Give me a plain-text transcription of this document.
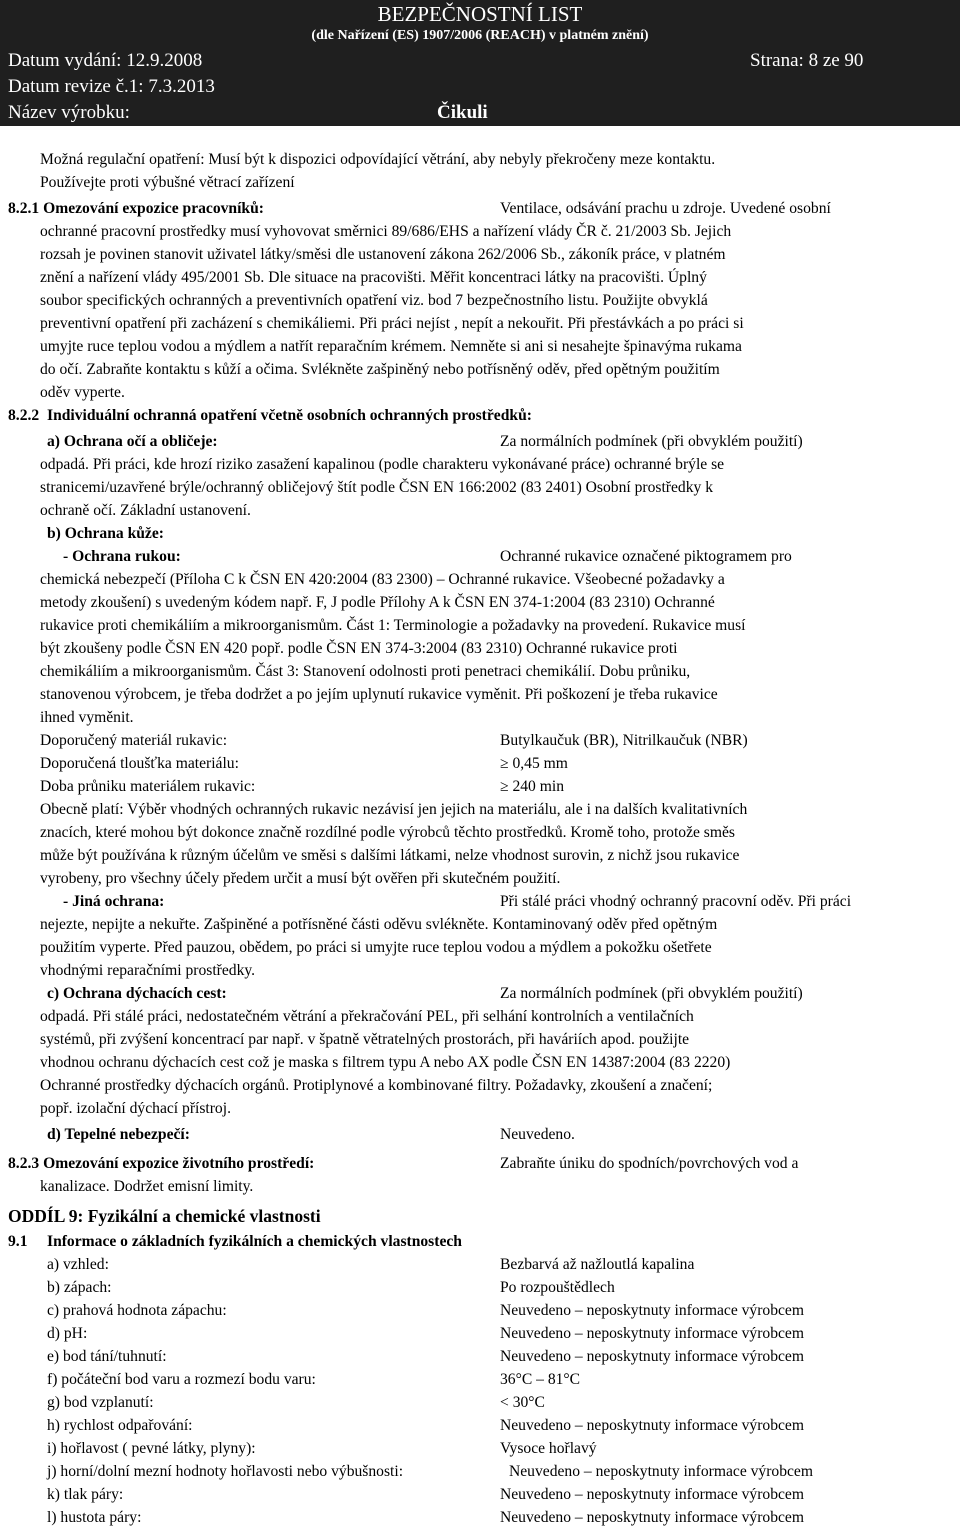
BEZPEČNOSTNÍ LIST
(dle Nařízení (ES) 1907/2006 (REACH) v platném znění)
Datum vydání: 12.9.2008	Strana: 8 ze 90
Datum revize č.1: 7.3.2013
Název výrobku:	Čikuli
Možná regulační opatření: Musí být k dispozici odpovídající větrání, aby nebyly překročeny meze kontaktu.
Používejte proti výbušné větrací zařízení
8.2.1 Omezování expozice pracovníků:	Ventilace, odsávání prachu u zdroje. Uvedené osobní
ochranné pracovní prostředky musí vyhovovat směrnici 89/686/EHS a nařízení vlády ČR č. 21/2003 Sb. Jejich
rozsah je povinen stanovit uživatel látky/směsi dle ustanovení zákona 262/2006 Sb., zákoník práce, v platném
znění a nařízení vlády 495/2001 Sb. Dle situace na pracovišti. Měřit koncentraci látky na pracovišti. Úplný
soubor specifických ochranných a preventivních opatření viz. bod 7 bezpečnostního listu. Použijte obvyklá
preventivní opatření při zacházení s chemikáliemi. Při práci nejíst , nepít a nekouřit. Při přestávkách a po práci si
umyjte ruce teplou vodou a mýdlem a natřít reparačním krémem. Nemněte si ani si nesahejte špinavýma rukama
do očí. Zabraňte kontaktu s kůží a očima. Svlékněte zašpiněný nebo potřísněný oděv, před opětným použitím
oděv vyperte.
8.2.2 Individuální ochranná opatření včetně osobních ochranných prostředků:
a) Ochrana očí a obličeje:	Za normálních podmínek (při obvyklém použití)
odpadá. Při práci, kde hrozí riziko zasažení kapalinou (podle charakteru vykonávané práce) ochranné brýle se
stranicemi/uzavřené brýle/ochranný obličejový štít podle ČSN EN 166:2002 (83 2401) Osobní prostředky k
ochraně očí. Základní ustanovení.
b) Ochrana kůže:
- Ochrana rukou:	Ochranné rukavice označené piktogramem pro
chemická nebezpečí (Příloha C k ČSN EN 420:2004 (83 2300) – Ochranné rukavice. Všeobecné požadavky a
metody zkoušení) s uvedeným kódem např. F, J podle Přílohy A k ČSN EN 374-1:2004 (83 2310) Ochranné
rukavice proti chemikáliím a mikroorganismům. Část 1: Terminologie a požadavky na provedení. Rukavice musí
být zkoušeny podle ČSN EN 420 popř. podle ČSN EN 374-3:2004 (83 2310) Ochranné rukavice proti
chemikáliím a mikroorganismům. Část 3: Stanovení odolnosti proti penetraci chemikálií. Dobu průniku,
stanovenou výrobcem, je třeba dodržet a po jejím uplynutí rukavice vyměnit. Při poškození je třeba rukavice
ihned vyměnit.
Doporučený materiál rukavic:	Butylkaučuk (BR), Nitrilkaučuk (NBR)
Doporučená tloušťka materiálu:	≥ 0,45 mm
Doba průniku materiálem rukavic:	≥ 240 min
Obecně platí: Výběr vhodných ochranných rukavic nezávisí jen jejich na materiálu, ale i na dalších kvalitativních
znacích, které mohou být dokonce značně rozdílné podle výrobců těchto prostředků. Kromě toho, protože směs
může být používána k různým účelům ve směsi s dalšími látkami, nelze vhodnost surovin, z nichž jsou rukavice
vyrobeny, pro všechny účely předem určit a musí být ověřen při skutečném použití.
- Jiná ochrana:	Při stálé práci vhodný ochranný pracovní oděv. Při práci
nejezte, nepijte a nekuřte. Zašpiněné a potřísněné části oděvu svlékněte. Kontaminovaný oděv před opětným
použitím vyperte. Před pauzou, obědem, po práci si umyjte ruce teplou vodou a mýdlem a pokožku ošetřete
vhodnými reparačními prostředky.
c) Ochrana dýchacích cest:	Za normálních podmínek (při obvyklém použití)
odpadá. Při stálé práci, nedostatečném větrání a překračování PEL, při selhání kontrolních a ventilačních
systémů, při zvýšení koncentrací par např. v špatně větratelných prostorách, při haváriích apod. použijte
vhodnou ochranu dýchacích cest což je maska s filtrem typu A nebo AX podle ČSN EN 14387:2004 (83 2220)
Ochranné prostředky dýchacích orgánů. Protiplynové a kombinované filtry. Požadavky, zkoušení a značení;
popř. izolační dýchací přístroj.
d) Tepelné nebezpečí:	Neuvedeno.
8.2.3 Omezování expozice životního prostředí:	Zabraňte úniku do spodních/povrchových vod a
kanalizace. Dodržet emisní limity.
ODDÍL 9: Fyzikální a chemické vlastnosti
9.1 Informace o základních fyzikálních a chemických vlastnostech
a) vzhled:	Bezbarvá až nažloutlá kapalina
b) zápach:	Po rozpouštědlech
c) prahová hodnota zápachu:	Neuvedeno – neposkytnuty informace výrobcem
d) pH:	Neuvedeno – neposkytnuty informace výrobcem
e) bod tání/tuhnutí:	Neuvedeno – neposkytnuty informace výrobcem
f) počáteční bod varu a rozmezí bodu varu:	36°C – 81°C
g) bod vzplanutí:	< 30°C
h) rychlost odpařování:	Neuvedeno – neposkytnuty informace výrobcem
i) hořlavost ( pevné látky, plyny):	Vysoce hořlavý
j) horní/dolní mezní hodnoty hořlavosti nebo výbušnosti:	Neuvedeno – neposkytnuty informace výrobcem
k) tlak páry:	Neuvedeno – neposkytnuty informace výrobcem
l) hustota páry:	Neuvedeno – neposkytnuty informace výrobcem
